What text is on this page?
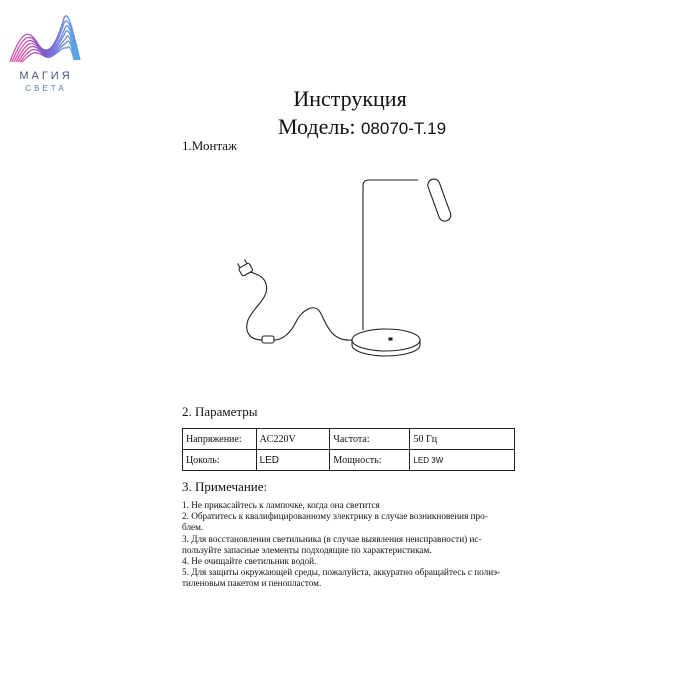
МАГИЯ
СВЕТА	Инструкция
Модель: 08070-T.19
1.Монтаж
2. Параметры
Напряжение:	AC220V	Частота:	50 Гц
Цоколь:	LED	Мощность:	LED 3W
3. Примечание:

1. Не прикасайтесь к лампочке, когда она светится

2. Обратитесь к квалифицированному электрику в случае возникновения про-

блем.

3. Для восстановления светильника (в случае выявления неисправности) ис-

пользуйте запасные элементы подходящие по характеристикам.

4. Не очищайте светильник водой.

5. Для защиты окружающей среды, пожалуйста, аккуратно обращайтесь с полиэ-

тиленовым пакетом и пенопластом.
